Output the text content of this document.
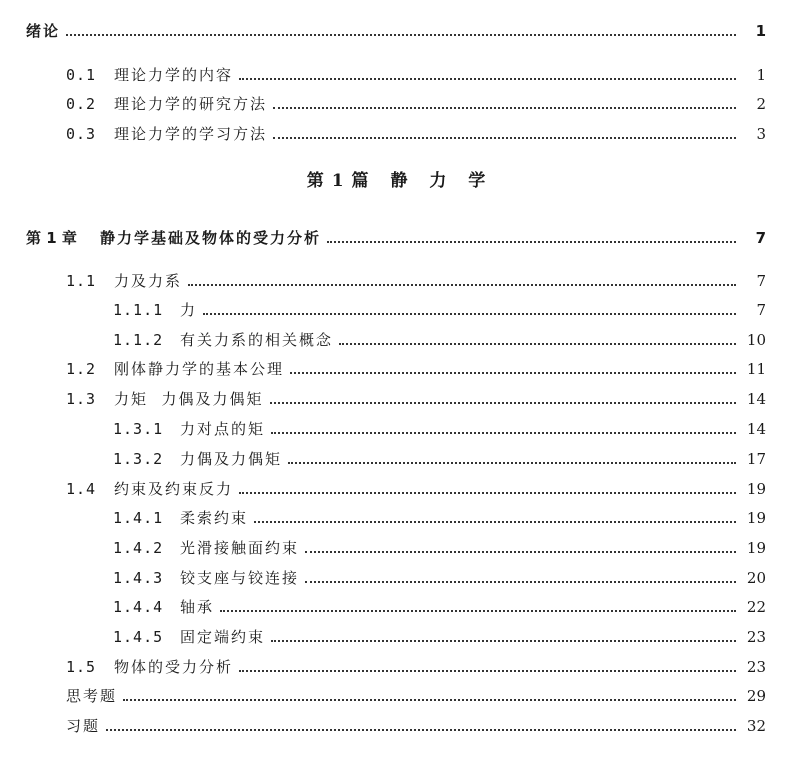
绪论	1
0.1	理论力学的内容	1
0.2	理论力学的研究方法	2
0.3	理论力学的学习方法	3
第1篇 静 力 学
第 1 章	静力学基础及物体的受力分析	7
1.1	力及力系	7
1.1.1	力	7
1.1.2	有关力系的相关概念	10
1.2	刚体静力学的基本公理	11
1.3	力矩  力偶及力偶矩	14
1.3.1	力对点的矩	14
1.3.2	力偶及力偶矩	17
1.4	约束及约束反力	19
1.4.1	柔索约束	19
1.4.2	光滑接触面约束	19
1.4.3	铰支座与铰连接	20
1.4.4	轴承	22
1.4.5	固定端约束	23
1.5	物体的受力分析	23
思考题	29
习题	32
